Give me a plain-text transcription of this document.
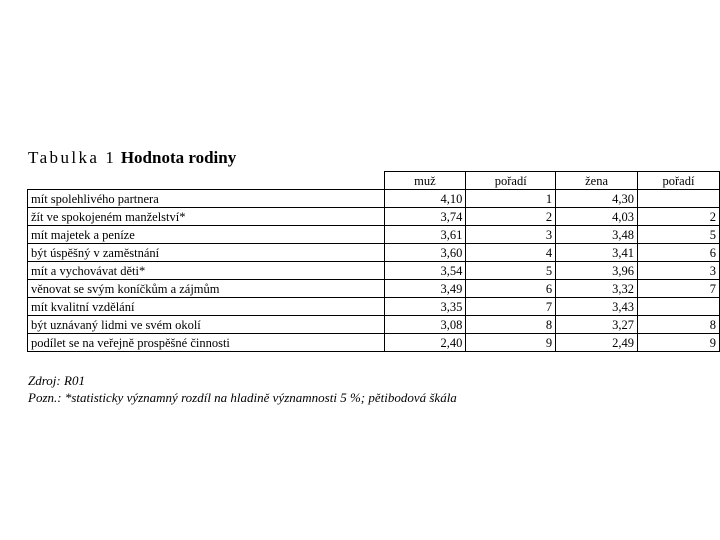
Tabulka 1 Hodnota rodiny
	muž	pořadí	žena	pořadí
mít spolehlivého partnera	4,10	1	4,30	
žít ve spokojeném manželství*	3,74	2	4,03	2
mít majetek a peníze	3,61	3	3,48	5
být úspěšný v zaměstnání	3,60	4	3,41	6
mít a vychovávat děti*	3,54	5	3,96	3
věnovat se svým koníčkům a zájmům	3,49	6	3,32	7
mít kvalitní vzdělání	3,35	7	3,43	
být uznávaný lidmi ve svém okolí	3,08	8	3,27	8
podílet se na veřejně prospěšné činnosti	2,40	9	2,49	9
Zdroj: R01
Pozn.: *statisticky významný rozdíl na hladině významnosti 5 %; pětibodová škála
